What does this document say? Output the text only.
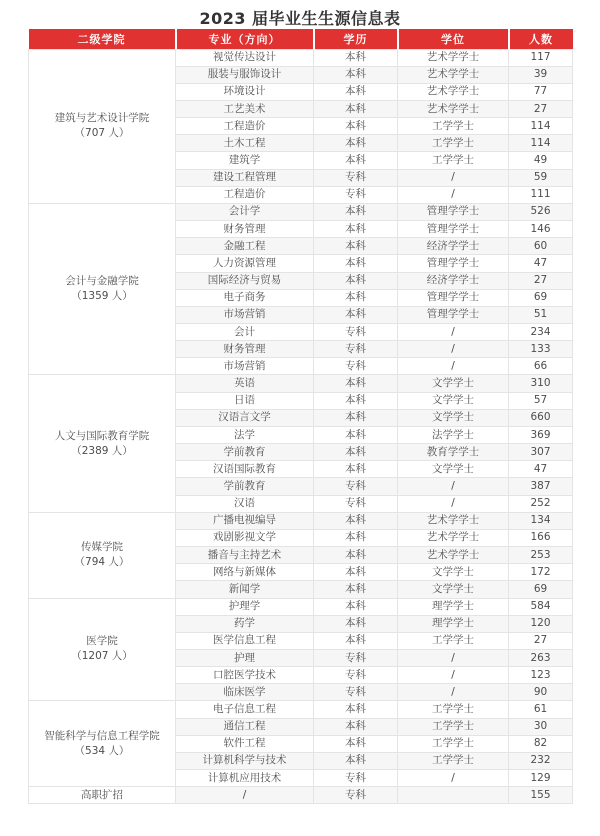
2023 届毕业生生源信息表
二级学院	专业（方向）	学历	学位	人数

建筑与艺术设计学院
（707 人）	视觉传达设计	本科	艺术学学士	117
	服装与服饰设计	本科	艺术学学士	39
	环境设计	本科	艺术学学士	77
	工艺美术	本科	艺术学学士	27
	工程造价	本科	工学学士	114
	土木工程	本科	工学学士	114
	建筑学	本科	工学学士	49
	建设工程管理	专科	/	59
	工程造价	专科	/	111

会计与金融学院
（1359 人）	会计学	本科	管理学学士	526
	财务管理	本科	管理学学士	146
	金融工程	本科	经济学学士	60
	人力资源管理	本科	管理学学士	47
	国际经济与贸易	本科	经济学学士	27
	电子商务	本科	管理学学士	69
	市场营销	本科	管理学学士	51
	会计	专科	/	234
	财务管理	专科	/	133
	市场营销	专科	/	66

人文与国际教育学院
（2389 人）	英语	本科	文学学士	310
	日语	本科	文学学士	57
	汉语言文学	本科	文学学士	660
	法学	本科	法学学士	369
	学前教育	本科	教育学学士	307
	汉语国际教育	本科	文学学士	47
	学前教育	专科	/	387
	汉语	专科	/	252

传媒学院
（794 人）	广播电视编导	本科	艺术学学士	134
	戏剧影视文学	本科	艺术学学士	166
	播音与主持艺术	本科	艺术学学士	253
	网络与新媒体	本科	文学学士	172
	新闻学	本科	文学学士	69

医学院
（1207 人）	护理学	本科	理学学士	584
	药学	本科	理学学士	120
	医学信息工程	本科	工学学士	27
	护理	专科	/	263
	口腔医学技术	专科	/	123
	临床医学	专科	/	90

智能科学与信息工程学院
（534 人）	电子信息工程	本科	工学学士	61
	通信工程	本科	工学学士	30
	软件工程	本科	工学学士	82
	计算机科学与技术	本科	工学学士	232
	计算机应用技术	专科	/	129

高职扩招	/	专科		155
